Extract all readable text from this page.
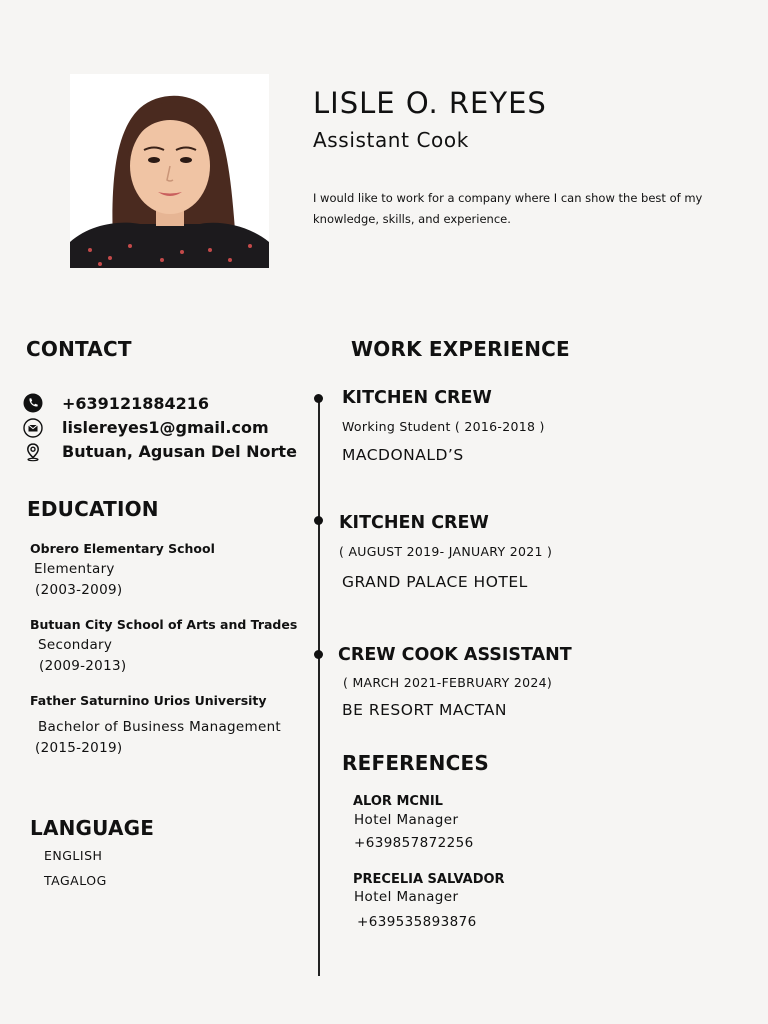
LISLE O. REYES
Assistant Cook
I would like to work for a company where I can show the best of my knowledge, skills, and experience.
CONTACT
+639121884216
lislereyes1@gmail.com
Butuan, Agusan Del Norte
EDUCATION
Obrero Elementary School
Elementary
(2003-2009)
Butuan City School of Arts and Trades
Secondary
(2009-2013)
Father Saturnino Urios University
Bachelor of Business Management
(2015-2019)
LANGUAGE
ENGLISH
TAGALOG
WORK EXPERIENCE
KITCHEN CREW
Working Student ( 2016-2018 )
MACDONALD’S
KITCHEN CREW
( AUGUST 2019- JANUARY 2021 )
GRAND PALACE HOTEL
CREW COOK ASSISTANT
( MARCH 2021-FEBRUARY 2024)
BE RESORT MACTAN
REFERENCES
ALOR MCNIL
Hotel Manager
+639857872256
PRECELIA SALVADOR
Hotel Manager
+639535893876
